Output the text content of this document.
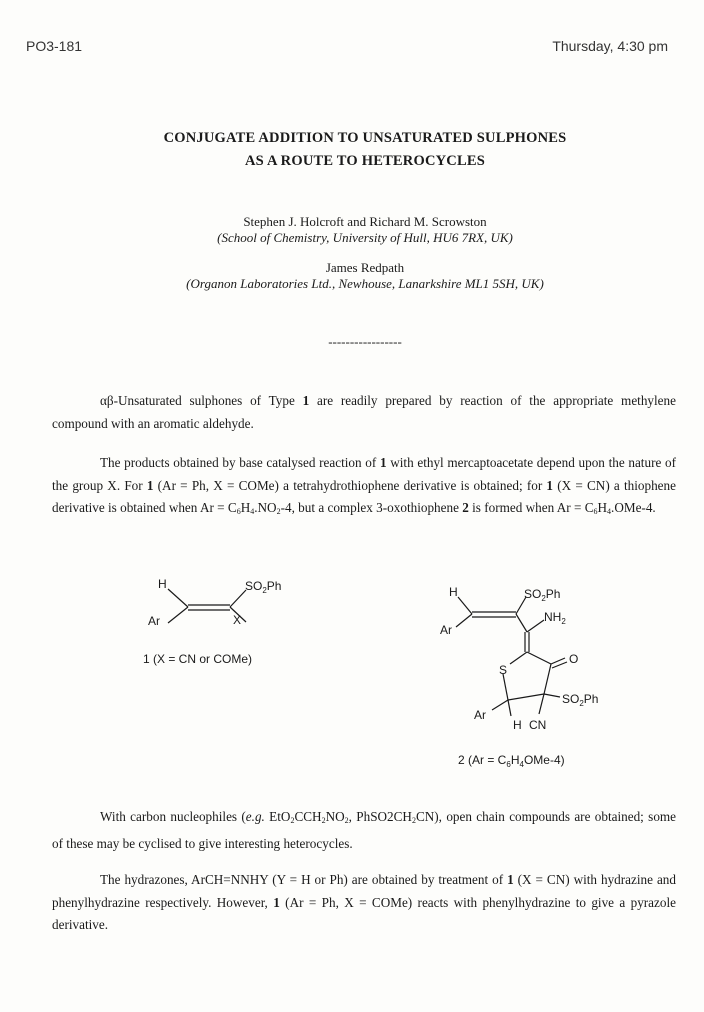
PO3-181	Thursday, 4:30 pm
CONJUGATE ADDITION TO UNSATURATED SULPHONES
AS A ROUTE TO HETEROCYCLES
Stephen J. Holcroft and Richard M. Scrowston
(School of Chemistry, University of Hull, HU6 7RX, UK)
James Redpath
(Organon Laboratories Ltd., Newhouse, Lanarkshire ML1 5SH, UK)
-----------------
αβ-Unsaturated sulphones of Type 1 are readily prepared by reaction of the appropriate methylene compound with an aromatic aldehyde.
The products obtained by base catalysed reaction of 1 with ethyl mercaptoacetate depend upon the nature of the group X. For 1 (Ar = Ph, X = COMe) a tetrahydrothiophene derivative is obtained; for 1 (X = CN) a thiophene derivative is obtained when $Ar = C_6H_4.NO_2-4$, but a complex 3-oxothiophene 2 is formed when $Ar = C_6H_4.OMe-4$.
H	$SO_2Ph$
Ar	X
1 (X = CN or COMe)
H	$SO_2Ph$
$NH_2$
Ar
S
O
$SO_2Ph$
Ar
H CN
2 $(Ar = C_6H_4OMe-4)$
With carbon nucleophiles (e.g. $EtO_2CCH_2NO_2$, $PhSO2CH_2CN$), open chain compounds are obtained; some of these may be cyclised to give interesting heterocycles.
The hydrazones, ArCH=NNHY (Y = H or Ph) are obtained by treatment of 1 (X = CN) with hydrazine and phenylhydrazine respectively. However, 1 (Ar = Ph, X = COMe) reacts with phenylhydrazine to give a pyrazole derivative.
